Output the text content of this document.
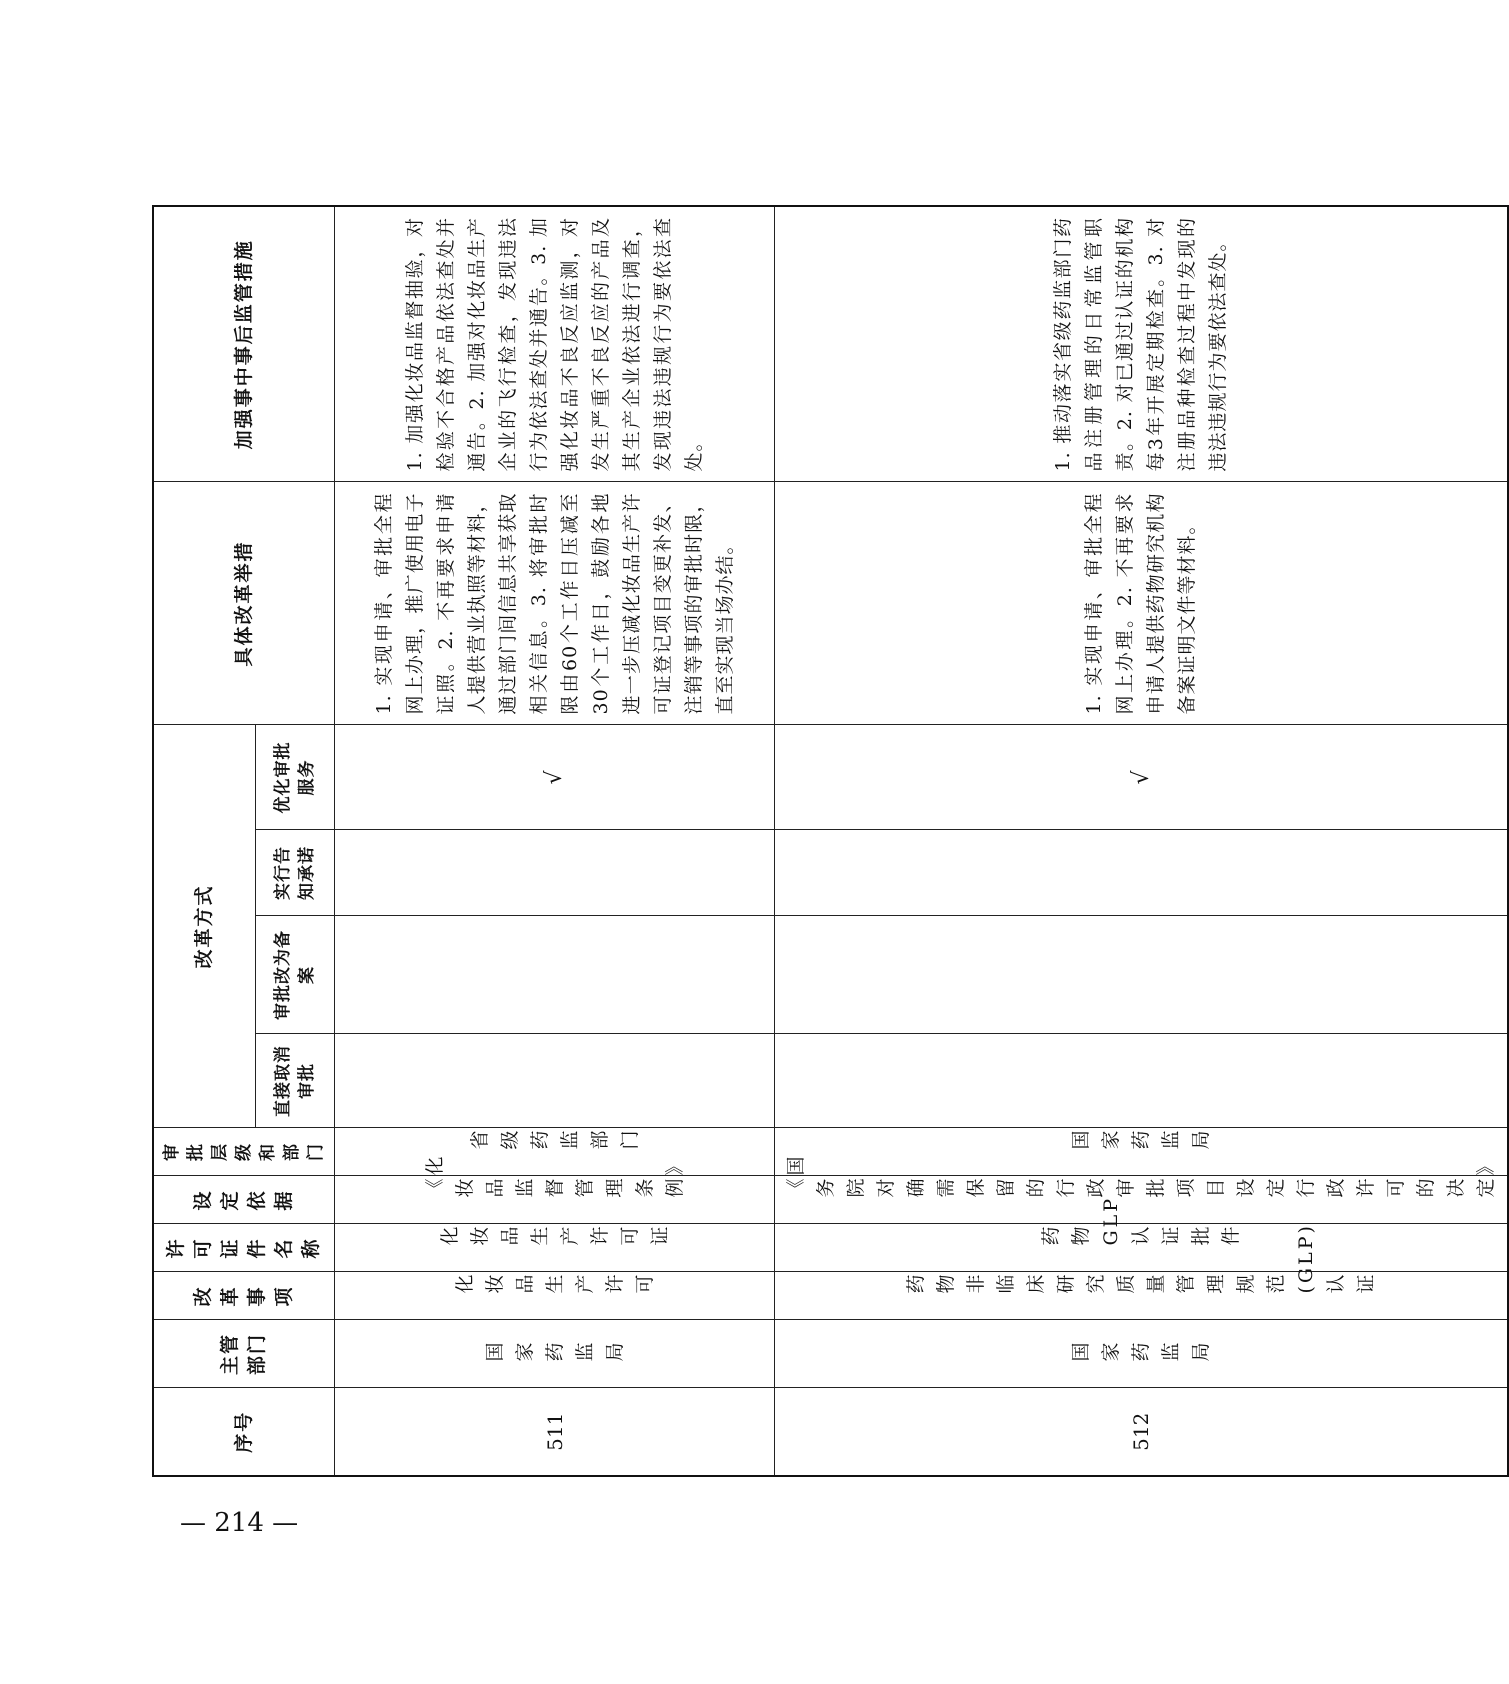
序号	主管部门	改革事项	许可证件名称	设定依据	审批层级和部门	改革方式				具体改革举措	加强事中事后监管措施
						直接取消审批	审批改为备案	实行告知承诺	优化审批服务		
511	国家药监局	化妆品生产许可	化妆品生产许可证	《化妆品监督管理条例》	省级药监部门				√	1. 实现申请、审批全程网上办理，推广使用电子证照。2. 不再要求申请人提供营业执照等材料，通过部门间信息共享获取相关信息。3. 将审批时限由60个工作日压减至30个工作日，鼓励各地进一步压减化妆品生产许可证登记项目变更补发、注销等事项的审批时限，直至实现当场办结。	1. 加强化妆品监督抽验，对检验不合格产品依法查处并通告。2. 加强对化妆品生产企业的飞行检查，发现违法行为依法查处并通告。3. 加强化妆品不良反应监测，对发生严重不良反应的产品及其生产企业依法进行调查，发现违法违规行为要依法查处。
512	国家药监局	药物非临床研究质量管理规范(GLP)认证	药物GLP认证批件	《国务院对确需保留的行政审批项目设定行政许可的决定》	国家药监局				√	1. 实现申请、审批全程网上办理。2. 不再要求申请人提供药物研究机构备案证明文件等材料。	1. 推动落实省级药监部门药品注册管理的日常监管职责。2. 对已通过认证的机构每3年开展定期检查。3. 对注册品种检查过程中发现的违法违规行为要依法查处。
— 214 —
